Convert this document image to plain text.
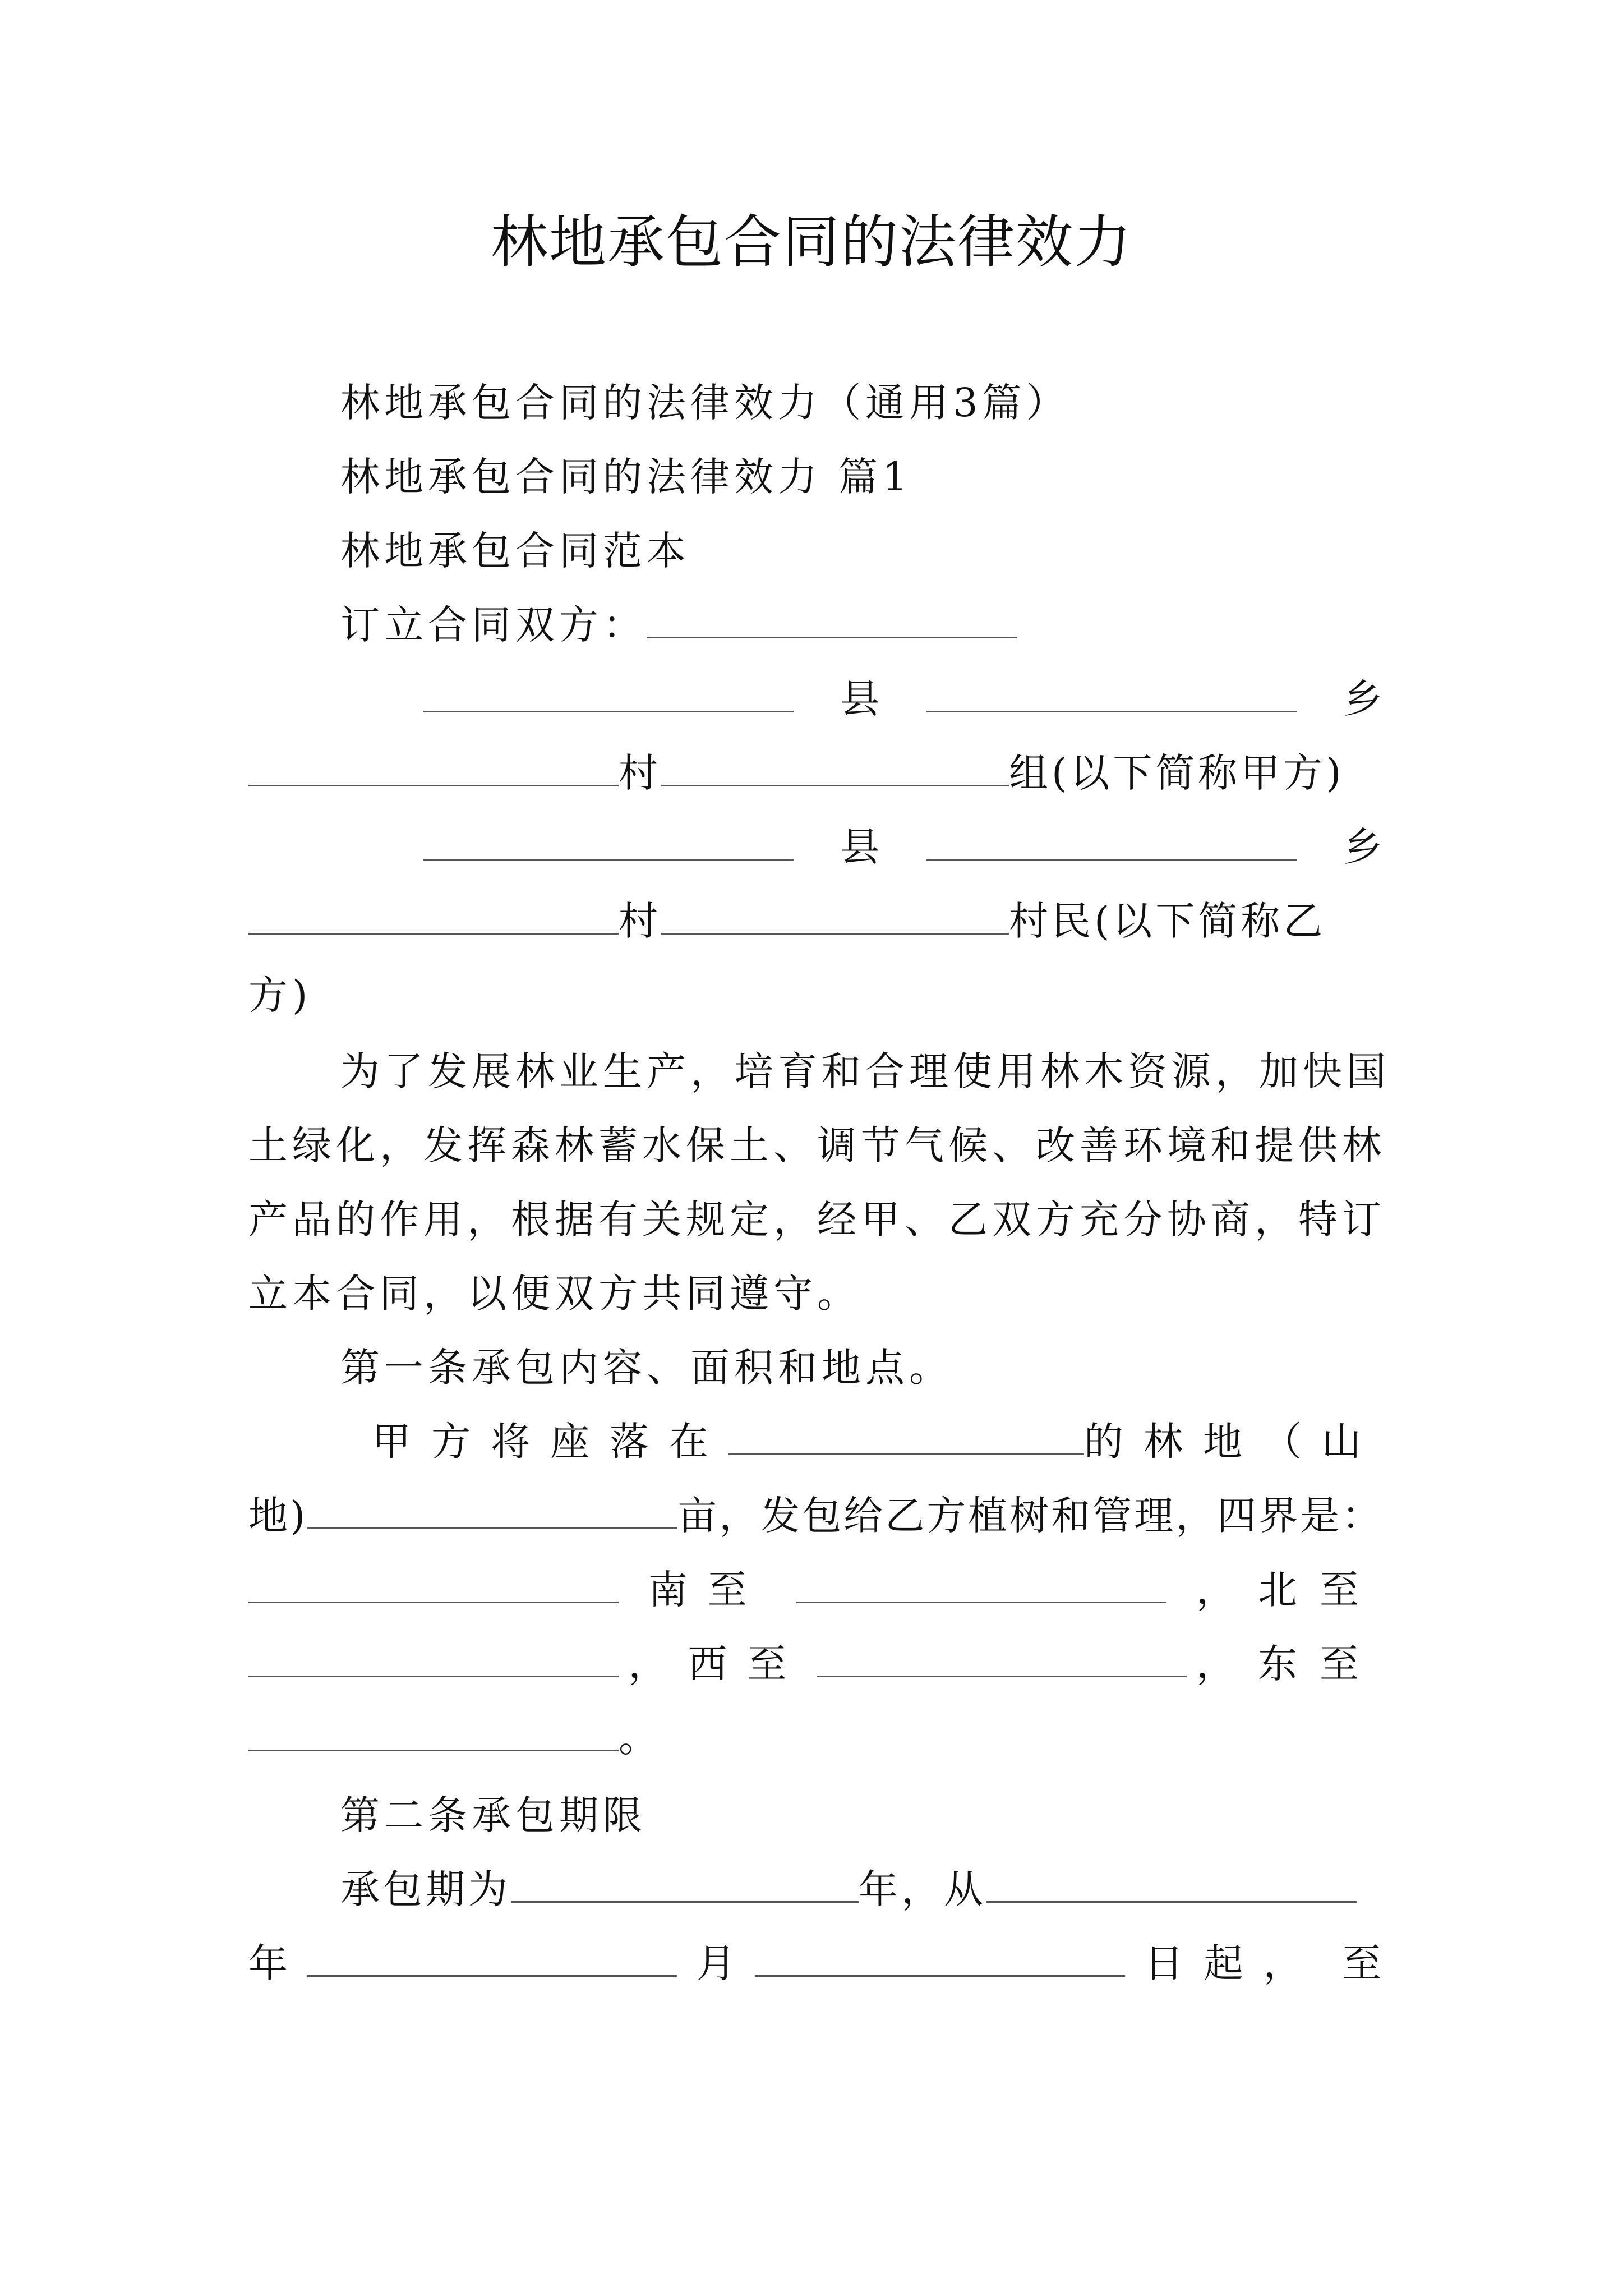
林地承包合同的法律效力
林地承包合同的法律效力（通用3篇）
林地承包合同的法律效力 篇1
林地承包合同范本
订立合同双方：
县	乡
村	组(以下简称甲方)
县	乡
村	村民(以下简称乙
方)
为了发展林业生产，培育和合理使用林木资源，加快国
土绿化，发挥森林蓄水保土、调节气候、改善环境和提供林
产品的作用，根据有关规定，经甲、乙双方充分协商，特订
立本合同，以便双方共同遵守。
第一条承包内容、面积和地点。
甲方将座落在	的林地（山
地)	亩，发包给乙方植树和管理，四界是：
南至	，北至
，西至	，东至
。
第二条承包期限
承包期为	年，从
年	月	日起， 至
